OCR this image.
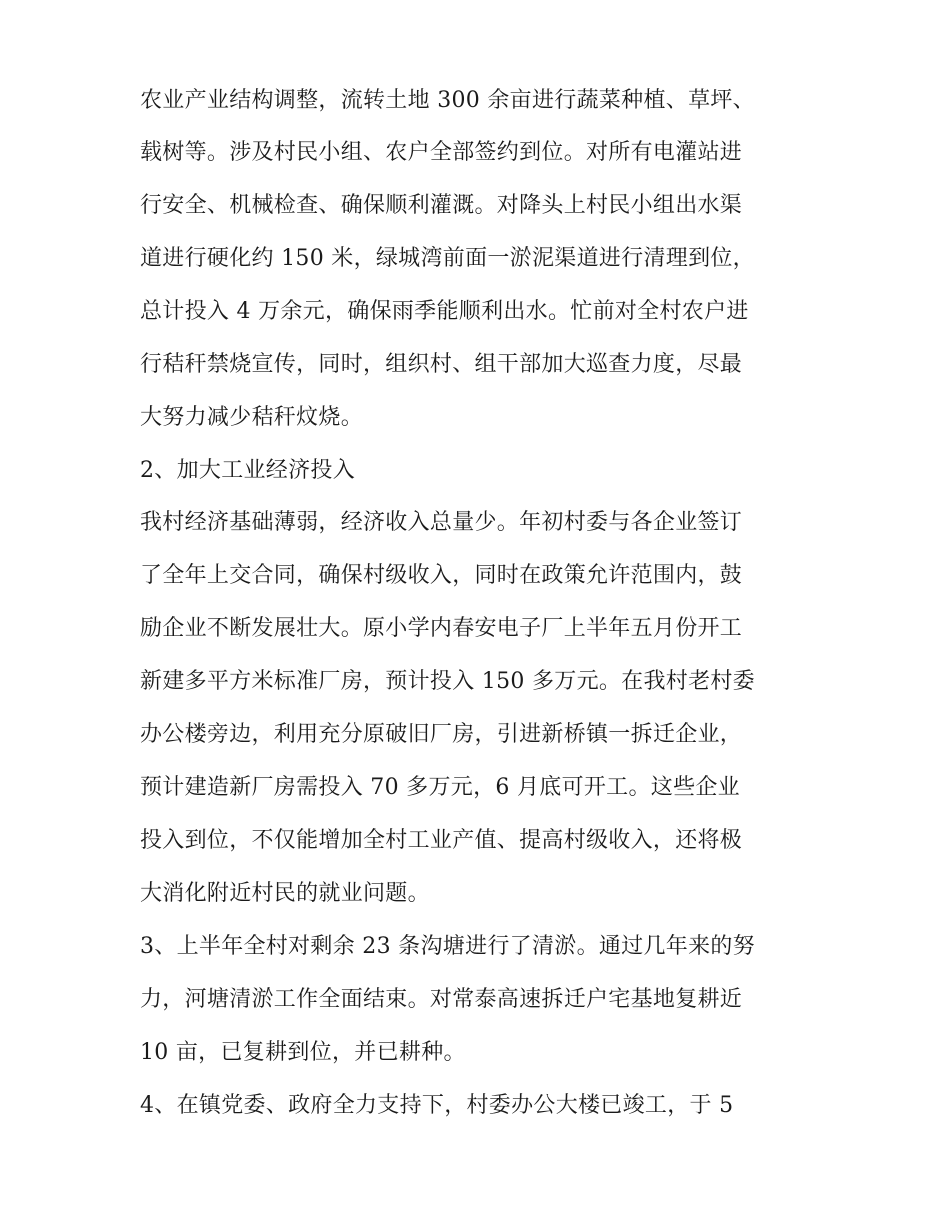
农业产业结构调整，流转土地 300 余亩进行蔬菜种植、草坪、
载树等。涉及村民小组、农户全部签约到位。对所有电灌站进
行安全、机械检查、确保顺利灌溉。对降头上村民小组出水渠
道进行硬化约 150 米，绿城湾前面一淤泥渠道进行清理到位，
总计投入 4 万余元，确保雨季能顺利出水。忙前对全村农户进
行秸秆禁烧宣传，同时，组织村、组干部加大巡查力度，尽最
大努力减少秸秆炆烧。
2、加大工业经济投入
我村经济基础薄弱，经济收入总量少。年初村委与各企业签订
了全年上交合同，确保村级收入，同时在政策允许范围内，鼓
励企业不断发展壮大。原小学内春安电子厂上半年五月份开工
新建多平方米标准厂房，预计投入 150 多万元。在我村老村委
办公楼旁边，利用充分原破旧厂房，引进新桥镇一拆迁企业，
预计建造新厂房需投入 70 多万元，6 月底可开工。这些企业
投入到位，不仅能增加全村工业产值、提高村级收入，还将极
大消化附近村民的就业问题。
3、上半年全村对剩余 23 条沟塘进行了清淤。通过几年来的努
力，河塘清淤工作全面结束。对常泰高速拆迁户宅基地复耕近
10 亩，已复耕到位，并已耕种。
4、在镇党委、政府全力支持下，村委办公大楼已竣工，于 5
